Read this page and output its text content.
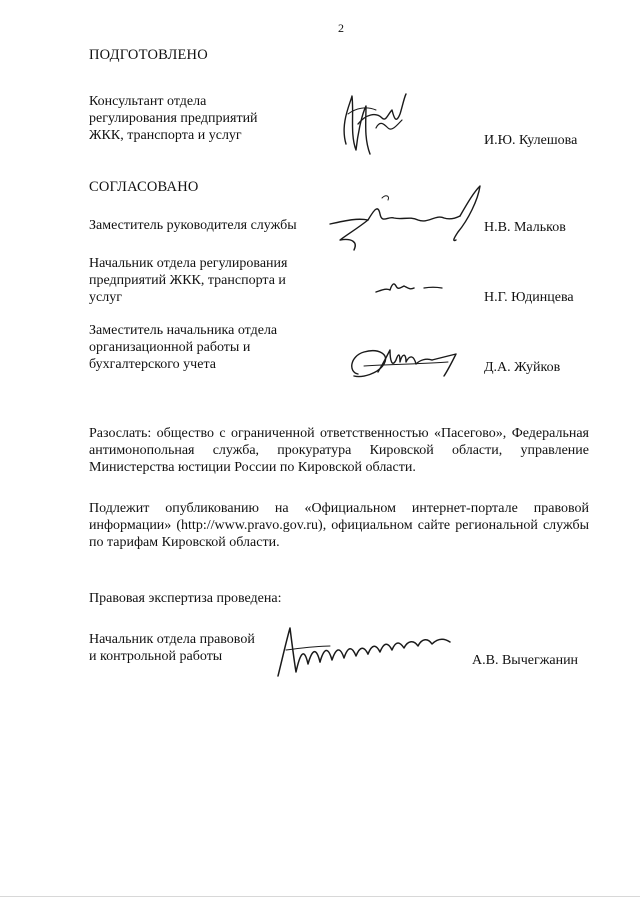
2
ПОДГОТОВЛЕНО
Консультант отдела
регулирования предприятий
ЖКК, транспорта и услуг	И.Ю. Кулешова
СОГЛАСОВАНО
Заместитель руководителя службы	Н.В. Мальков
Начальник отдела регулирования
предприятий ЖКК, транспорта и
услуг	Н.Г. Юдинцева
Заместитель начальника отдела
организационной работы и
бухгалтерского учета	Д.А. Жуйков
Разослать: общество с ограниченной ответственностью «Пасегово», Федеральная антимонопольная служба, прокуратура Кировской области, управление Министерства юстиции России по Кировской области.
Подлежит опубликованию на «Официальном интернет-портале правовой информации» (http://www.pravo.gov.ru), официальном сайте региональной службы по тарифам Кировской области.
Правовая экспертиза проведена:
Начальник отдела правовой
и контрольной работы	А.В. Вычегжанин
